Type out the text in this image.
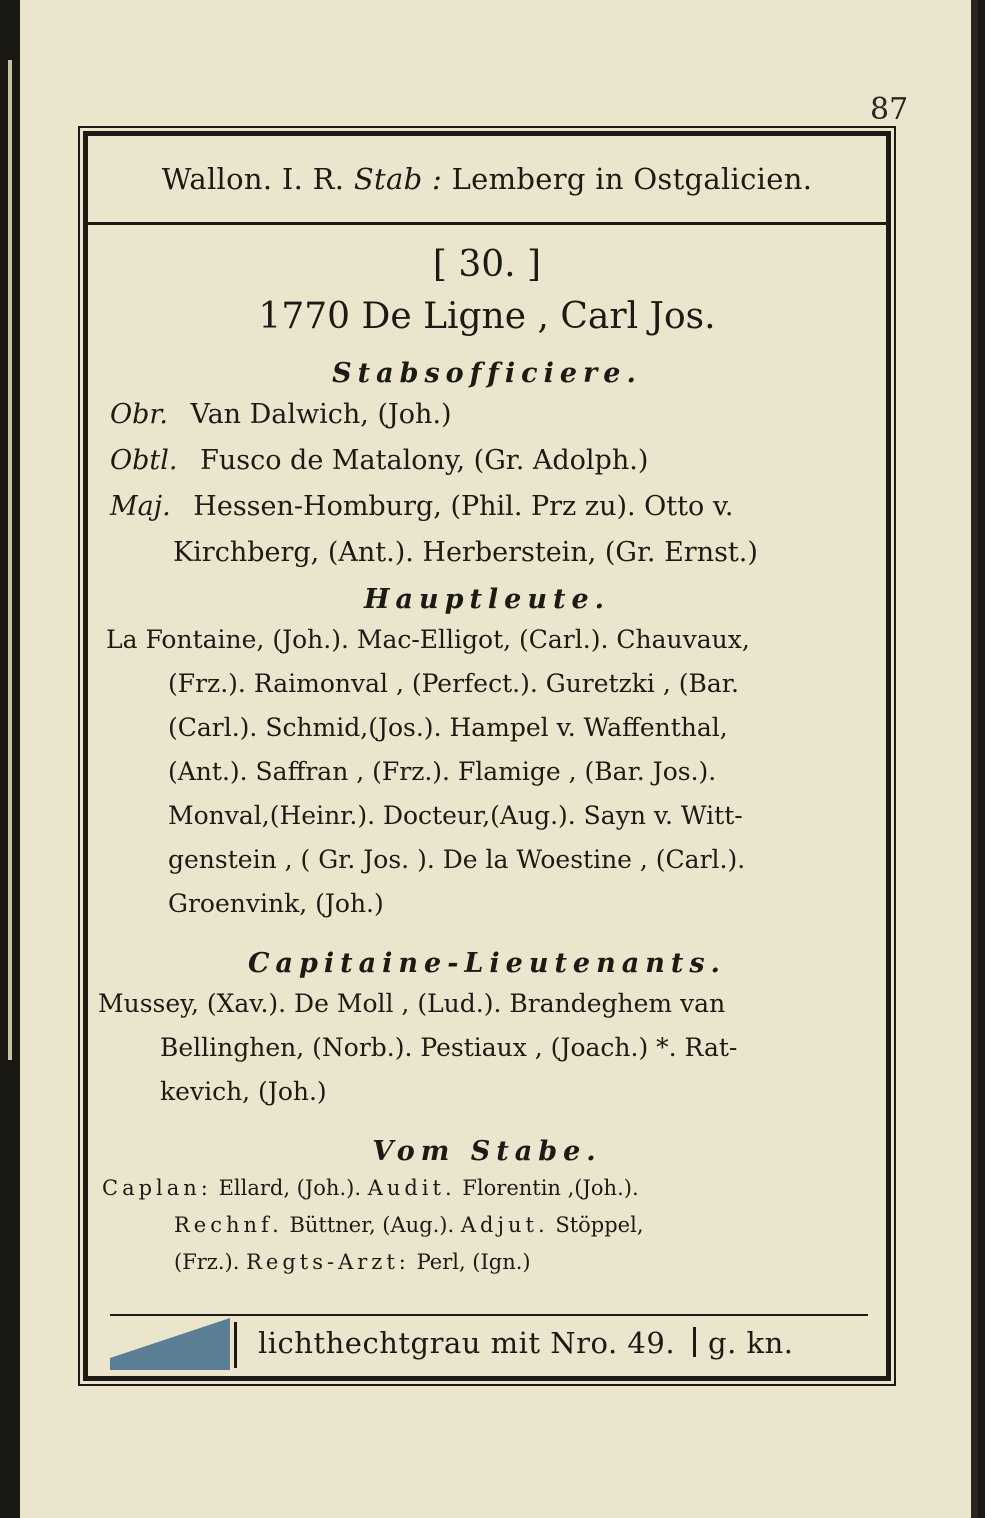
87
Wallon. I. R. Stab : Lemberg in Ostgalicien.
[ 30. ]
1770 De Ligne , Carl Jos.
Stabsofficiere.
Obr. Van Dalwich, (Joh.)
Obtl. Fusco de Matalony, (Gr. Adolph.)
Maj. Hessen-Homburg, (Phil. Prz zu). Otto v.
Kirchberg, (Ant.). Herberstein, (Gr. Ernst.)
Hauptleute.
La Fontaine, (Joh.). Mac-Elligot, (Carl.). Chauvaux,
(Frz.). Raimonval , (Perfect.). Guretzki , (Bar.
(Carl.). Schmid,(Jos.). Hampel v. Waffenthal,
(Ant.). Saffran , (Frz.). Flamige , (Bar. Jos.).
Monval,(Heinr.). Docteur,(Aug.). Sayn v. Witt-
genstein , ( Gr. Jos. ). De la Woestine , (Carl.).
Groenvink, (Joh.)
Capitaine-Lieutenants.
Mussey, (Xav.). De Moll , (Lud.). Brandeghem van
Bellinghen, (Norb.). Pestiaux , (Joach.) *. Rat-
kevich, (Joh.)
Vom Stabe.
Caplan: Ellard, (Joh.). Audit. Florentin ,(Joh.).
Rechnf. Büttner, (Aug.). Adjut. Stöppel,
(Frz.). Regts-Arzt: Perl, (Ign.)
lichthechtgrau mit Nro. 49. g. kn.
